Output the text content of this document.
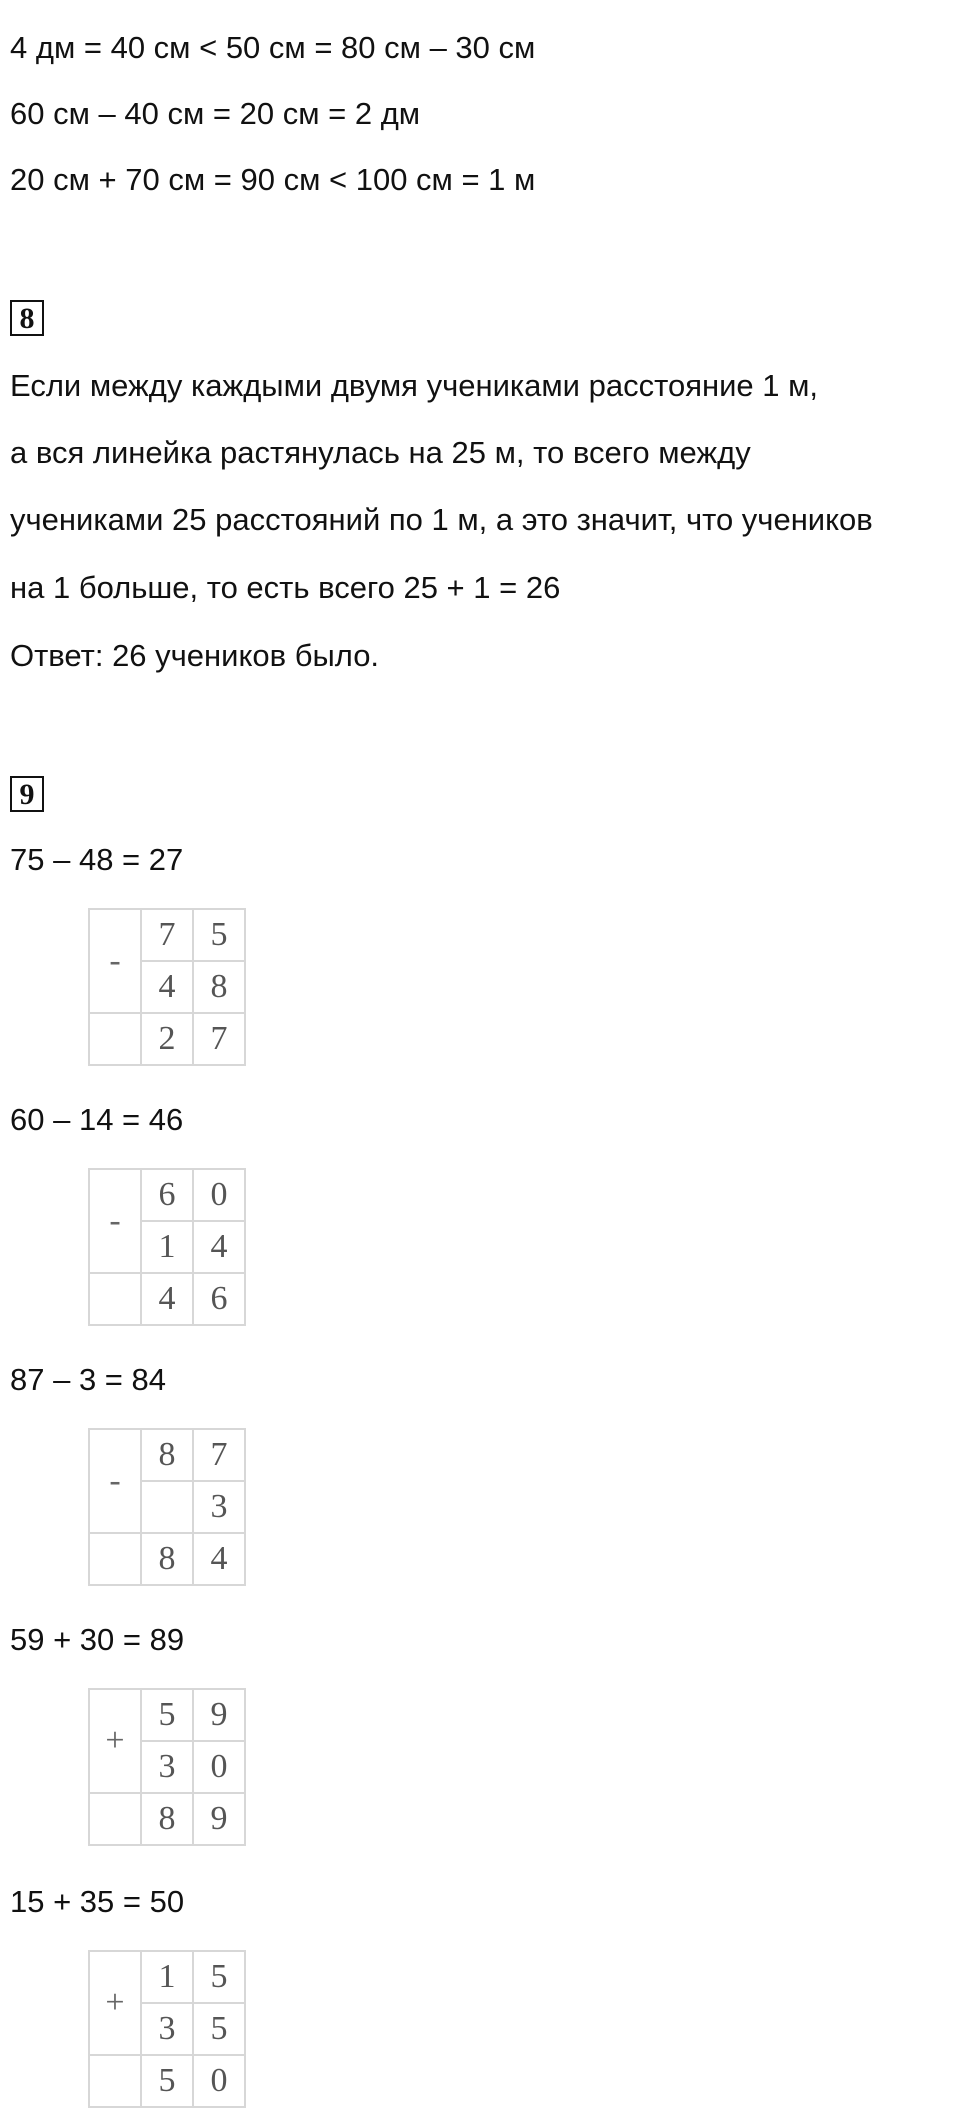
4 дм = 40 см < 50 см = 80 см – 30 см
60 см – 40 см = 20 см = 2 дм
20 см + 70 см = 90 см < 100 см = 1 м
8
Если между каждыми двумя учениками расстояние 1 м,
а вся линейка растянулась на 25 м, то всего между
учениками 25 расстояний по 1 м, а это значит, что учеников
на 1 больше, то есть всего 25 + 1 = 26
Ответ: 26 учеников было.
9
75 – 48 = 27
-	7	5
	4	8
	2	7
60 – 14 = 46
-	6	0
	1	4
	4	6
87 – 3 = 84
-	8	7
		3
	8	4
59 + 30 = 89
+	5	9
	3	0
	8	9
15 + 35 = 50
+	1	5
	3	5
	5	0
